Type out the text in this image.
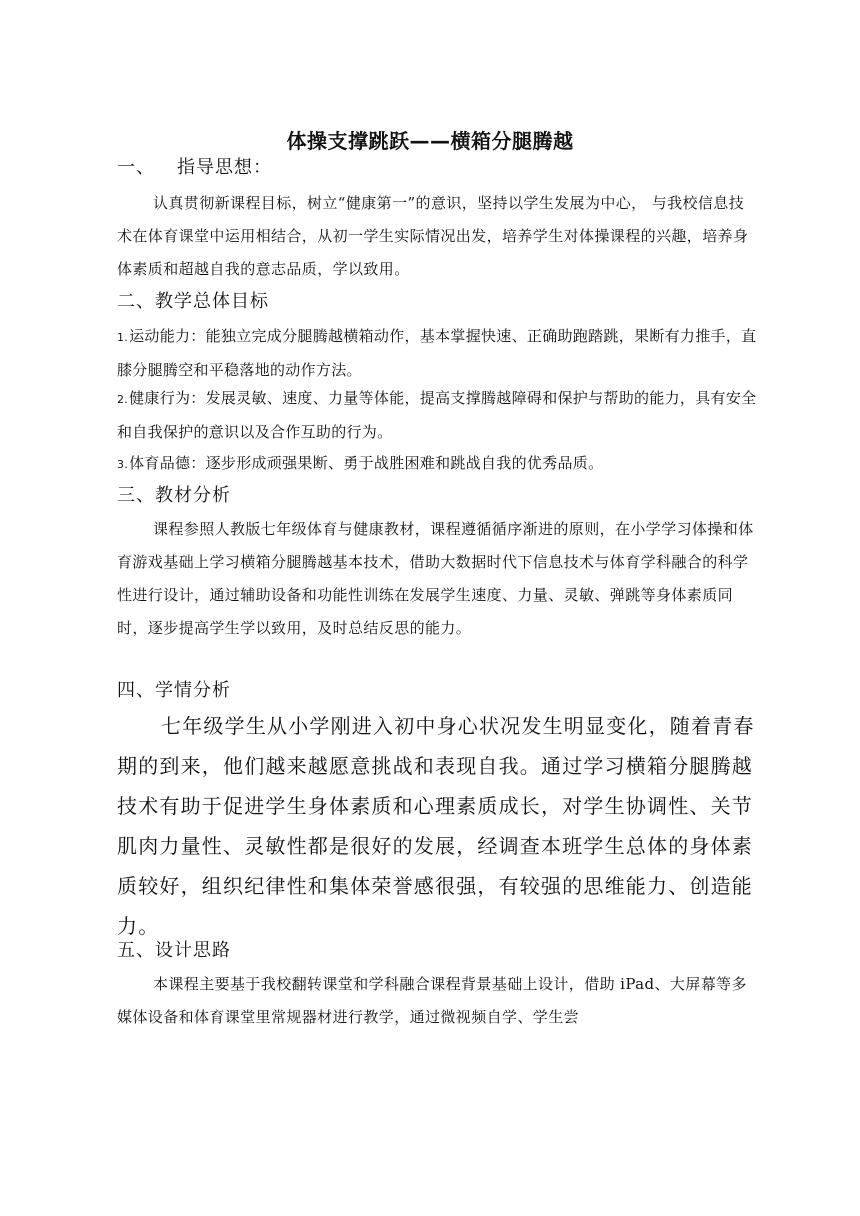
体操支撑跳跃——横箱分腿腾越
一、 指导思想：
认真贯彻新课程目标，树立“健康第一”的意识，坚持以学生发展为中心， 与我校信息技术在体育课堂中运用相结合，从初一学生实际情况出发，培养学生对体操课程的兴趣，培养身体素质和超越自我的意志品质，学以致用。
二、教学总体目标
1.运动能力：能独立完成分腿腾越横箱动作，基本掌握快速、正确助跑踏跳，果断有力推手，直膝分腿腾空和平稳落地的动作方法。
2.健康行为：发展灵敏、速度、力量等体能，提高支撑腾越障碍和保护与帮助的能力，具有安全和自我保护的意识以及合作互助的行为。
3.体育品德：逐步形成顽强果断、勇于战胜困难和跳战自我的优秀品质。
三、教材分析
课程参照人教版七年级体育与健康教材，课程遵循循序渐进的原则，在小学学习体操和体育游戏基础上学习横箱分腿腾越基本技术，借助大数据时代下信息技术与体育学科融合的科学性进行设计，通过辅助设备和功能性训练在发展学生速度、力量、灵敏、弹跳等身体素质同时，逐步提高学生学以致用，及时总结反思的能力。
四、学情分析
七年级学生从小学刚进入初中身心状况发生明显变化，随着青春期的到来，他们越来越愿意挑战和表现自我。通过学习横箱分腿腾越技术有助于促进学生身体素质和心理素质成长，对学生协调性、关节肌肉力量性、灵敏性都是很好的发展，经调查本班学生总体的身体素质较好，组织纪律性和集体荣誉感很强，有较强的思维能力、创造能力。
五、设计思路
本课程主要基于我校翻转课堂和学科融合课程背景基础上设计，借助 iPad、大屏幕等多媒体设备和体育课堂里常规器材进行教学，通过微视频自学、学生尝
